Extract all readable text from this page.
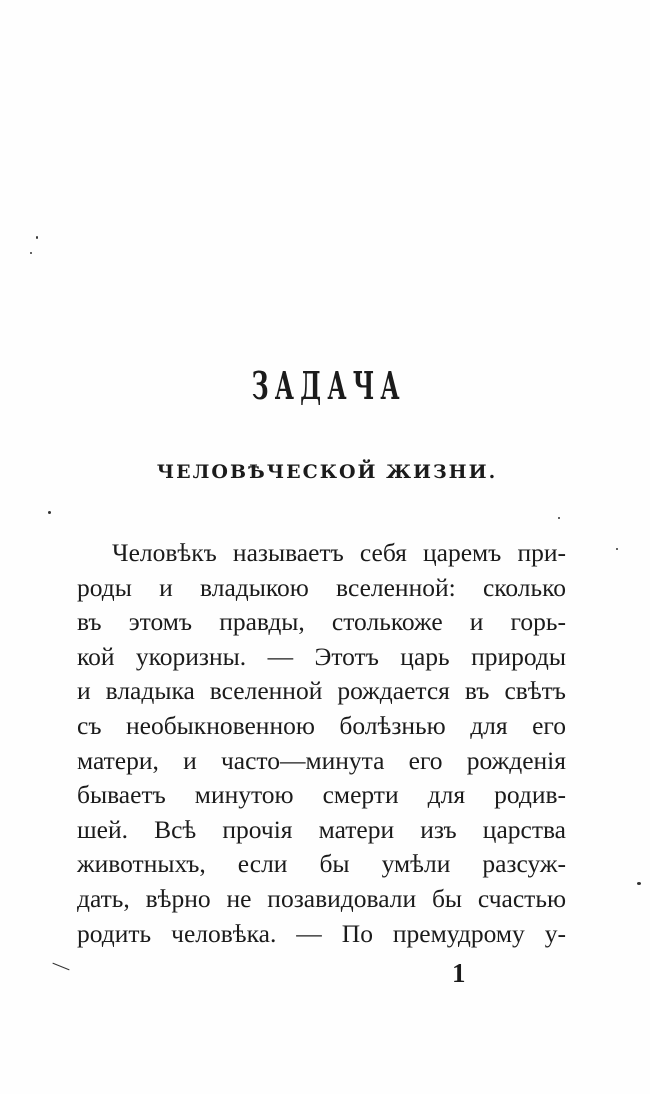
ЗАДАЧА
ЧЕЛОВѢЧЕСКОЙ ЖИЗНИ.
Человѣкъ называетъ себя царемъ при-
роды и владыкою вселенной: сколько
въ этомъ правды, столькоже и горь-
кой укоризны. — Этотъ царь природы
и владыка вселенной рождается въ свѣтъ
съ необыкновенною болѣзнью для его
матери, и часто—минута его рожденія
бываетъ минутою смерти для родив-
шей. Всѣ прочія матери изъ царства
животныхъ, если бы умѣли разсуж-
дать, вѣрно не позавидовали бы счастью
родить человѣка. — По премудрому у-
1
